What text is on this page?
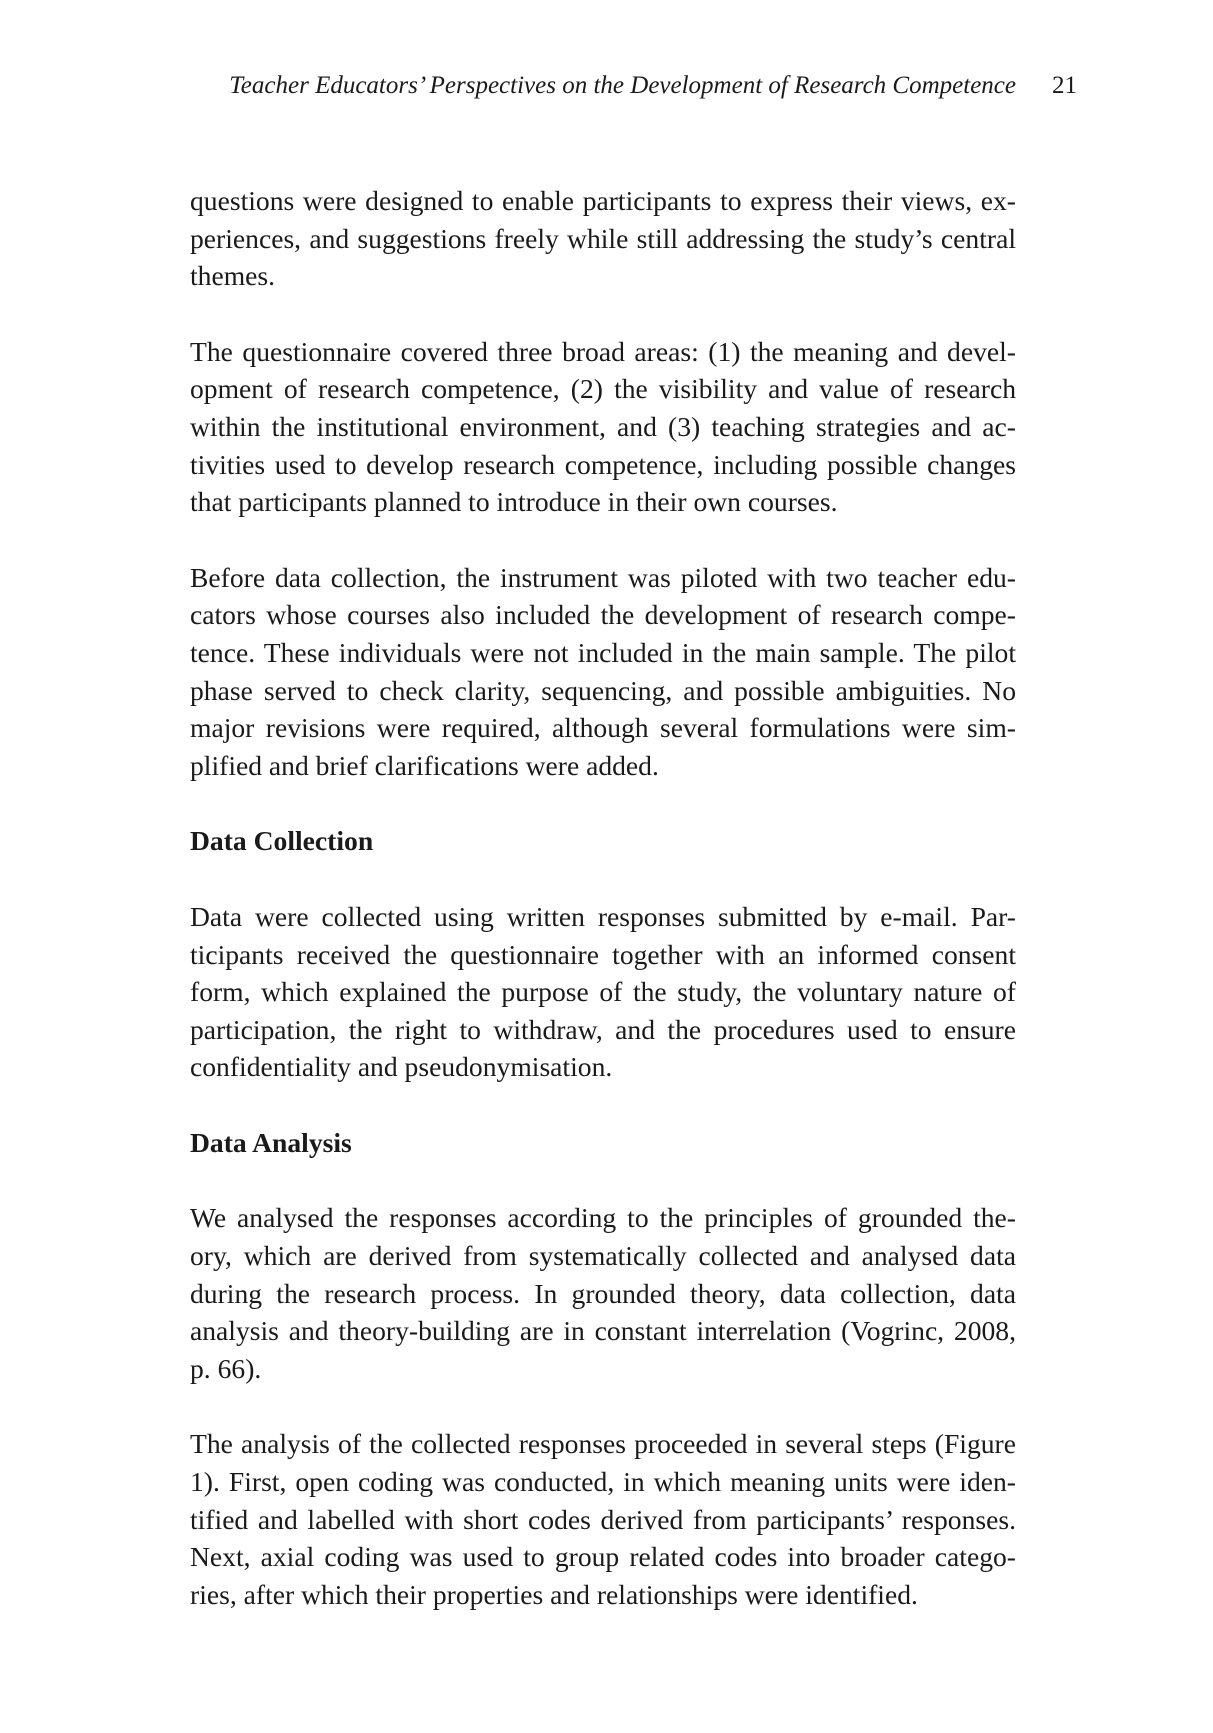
Teacher Educators’ Perspectives on the Development of Research Competence 21

questions were designed to enable participants to express their views, ex-
periences, and suggestions freely while still addressing the study’s central
themes.

The questionnaire covered three broad areas: (1) the meaning and devel-
opment of research competence, (2) the visibility and value of research
within the institutional environment, and (3) teaching strategies and ac-
tivities used to develop research competence, including possible changes
that participants planned to introduce in their own courses.

Before data collection, the instrument was piloted with two teacher edu-
cators whose courses also included the development of research compe-
tence. These individuals were not included in the main sample. The pilot
phase served to check clarity, sequencing, and possible ambiguities. No
major revisions were required, although several formulations were sim-
plified and brief clarifications were added.

Data Collection

Data were collected using written responses submitted by e-mail. Par-
ticipants received the questionnaire together with an informed consent
form, which explained the purpose of the study, the voluntary nature of
participation, the right to withdraw, and the procedures used to ensure
confidentiality and pseudonymisation.

Data Analysis

We analysed the responses according to the principles of grounded the-
ory, which are derived from systematically collected and analysed data
during the research process. In grounded theory, data collection, data
analysis and theory-building are in constant interrelation (Vogrinc, 2008,
p. 66).

The analysis of the collected responses proceeded in several steps (Figure
1). First, open coding was conducted, in which meaning units were iden-
tified and labelled with short codes derived from participants’ responses.
Next, axial coding was used to group related codes into broader catego-
ries, after which their properties and relationships were identified.
